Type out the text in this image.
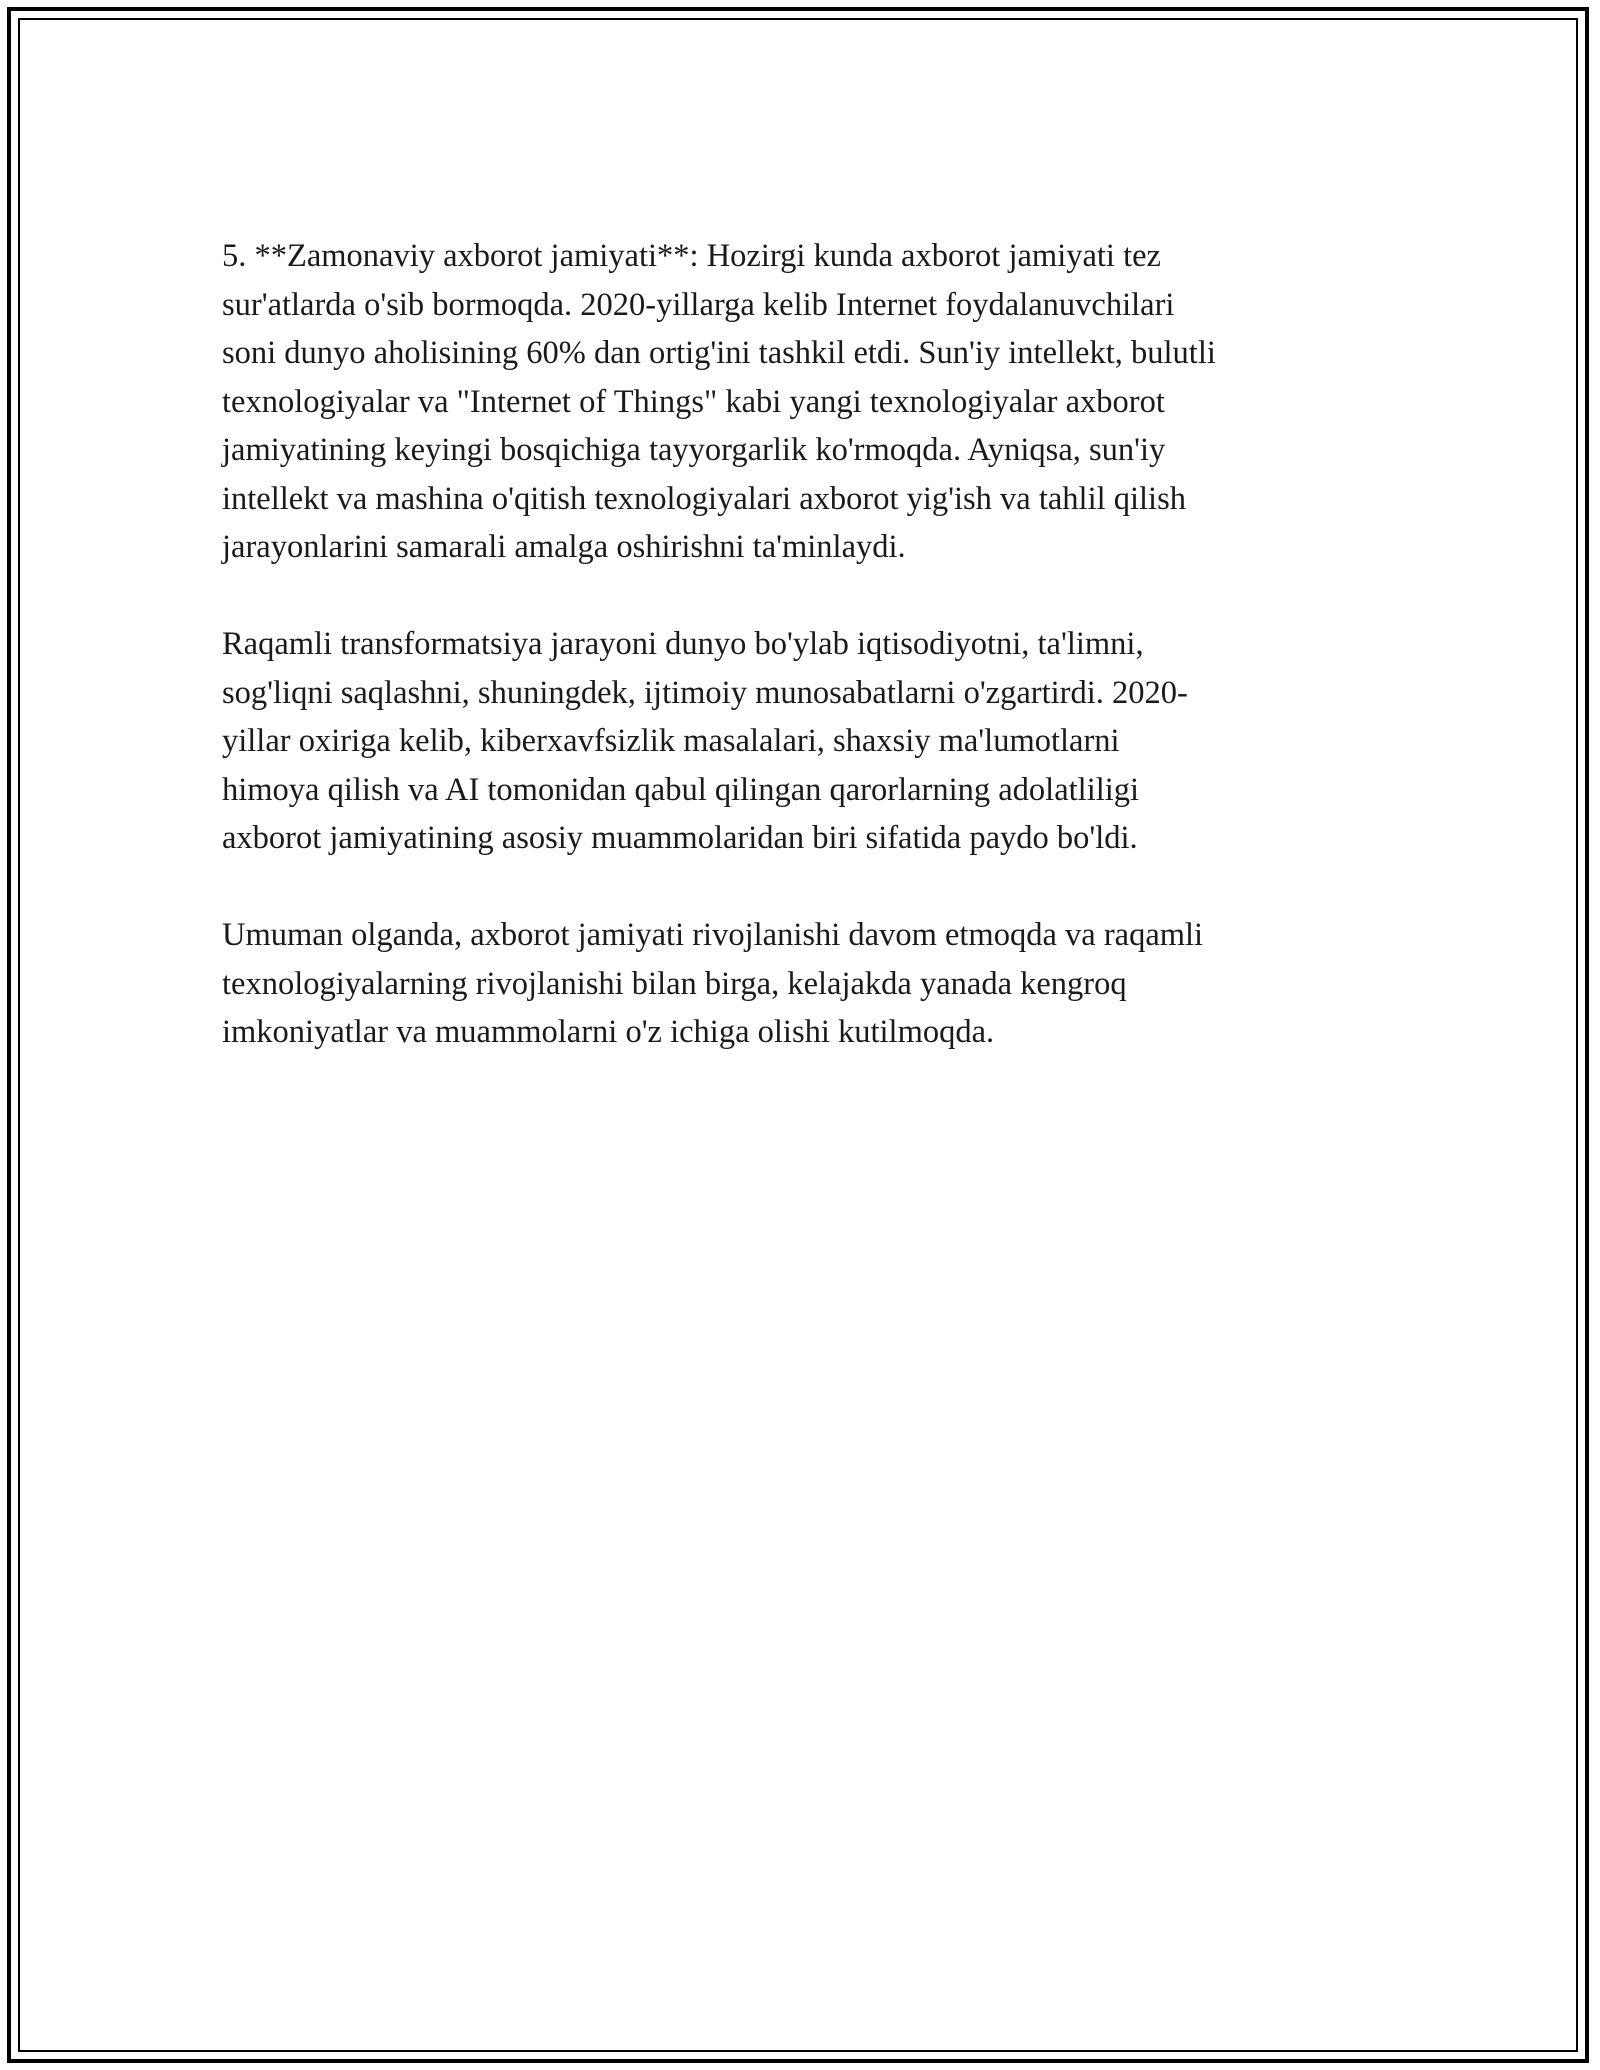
5. **Zamonaviy axborot jamiyati**: Hozirgi kunda axborot jamiyati tez
sur'atlarda o'sib bormoqda. 2020-yillarga kelib Internet foydalanuvchilari
soni dunyo aholisining 60% dan ortig'ini tashkil etdi. Sun'iy intellekt, bulutli
texnologiyalar va "Internet of Things" kabi yangi texnologiyalar axborot
jamiyatining keyingi bosqichiga tayyorgarlik ko'rmoqda. Ayniqsa, sun'iy
intellekt va mashina o'qitish texnologiyalari axborot yig'ish va tahlil qilish
jarayonlarini samarali amalga oshirishni ta'minlaydi.

Raqamli transformatsiya jarayoni dunyo bo'ylab iqtisodiyotni, ta'limni,
sog'liqni saqlashni, shuningdek, ijtimoiy munosabatlarni o'zgartirdi. 2020-
yillar oxiriga kelib, kiberxavfsizlik masalalari, shaxsiy ma'lumotlarni
himoya qilish va AI tomonidan qabul qilingan qarorlarning adolatliligi
axborot jamiyatining asosiy muammolaridan biri sifatida paydo bo'ldi.

Umuman olganda, axborot jamiyati rivojlanishi davom etmoqda va raqamli
texnologiyalarning rivojlanishi bilan birga, kelajakda yanada kengroq
imkoniyatlar va muammolarni o'z ichiga olishi kutilmoqda.
